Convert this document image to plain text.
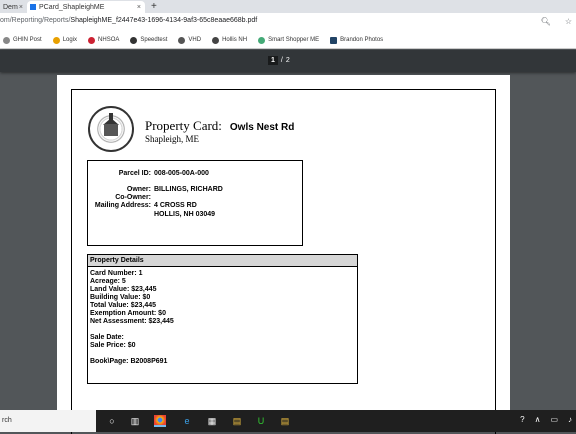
Dem × PCard_ShapleighME	× +
om/Reporting/Reports/ShapleighME_f2447e43-1696-4134-9af3-65c8eaae668b.pdf	🔍︎ ☆
GHIN Post	Logix	NHSOA	Speedtest	VHD	Hollis NH	Smart Shopper ME	Brandon Photos
1 / 2
Property Card: Owls Nest Rd
Shapleigh, ME
Parcel ID: 008-005-00A-000
Owner: BILLINGS, RICHARD
Co-Owner:
Mailing Address: 4 CROSS RD
HOLLIS, NH 03049
Property Details
Card Number: 1
Acreage: 5
Land Value: $23,445
Building Value: $0
Total Value: $23,445
Exemption Amount: $0
Net Assessment: $23,445
Sale Date:
Sale Price: $0
Book\Page: B2008P691
rch	○	▥	e	▦ ▤	U	▤	? ∧ ▭ ♪
